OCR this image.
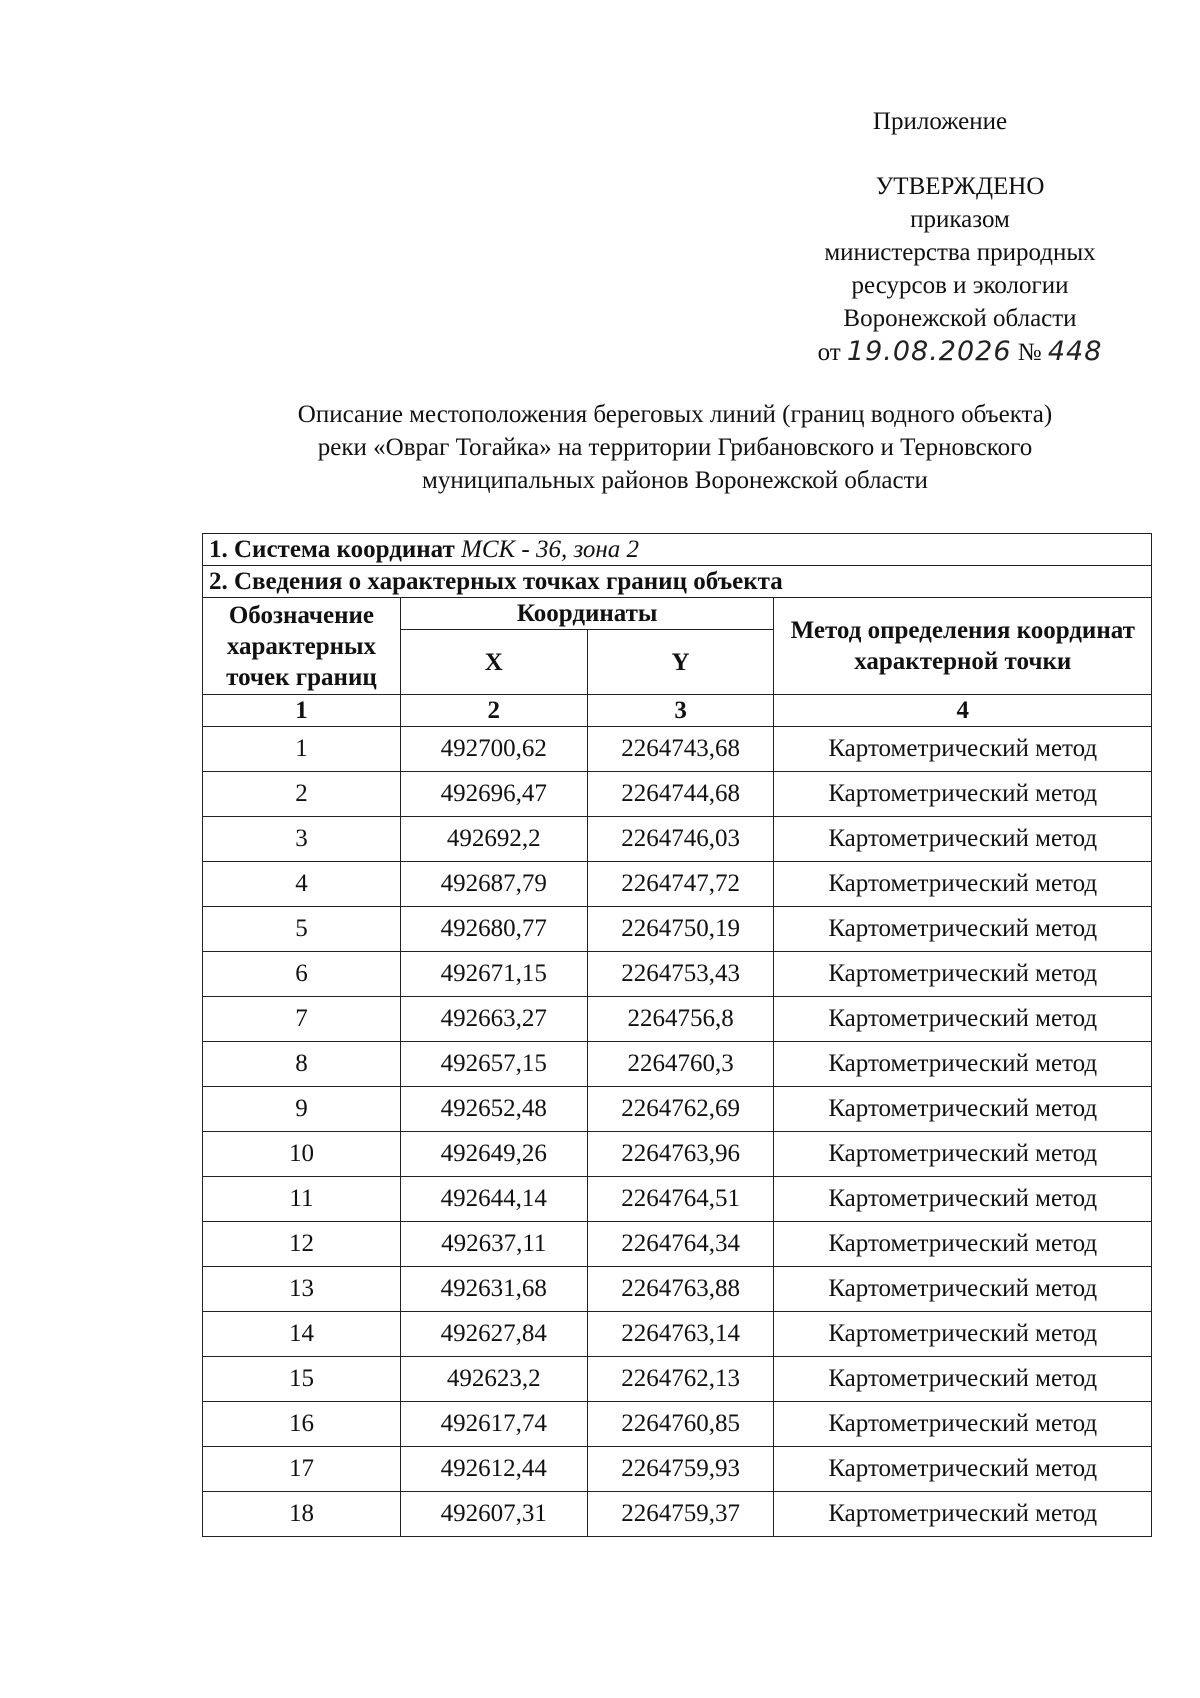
Приложение
УТВЕРЖДЕНО
приказом
министерства природных
ресурсов и экологии
Воронежской области
от 19.08.2026 № 448
Описание местоположения береговых линий (границ водного объекта)
реки «Овраг Тогайка» на территории Грибановского и Терновского
муниципальных районов Воронежской области
1. Система координат МСК - 36, зона 2			
2. Сведения о характерных точках границ объекта			
Обозначение характерных точек границ	Координаты		Метод определения координат характерной точки
	X	Y	
1	2	3	4
1	492700,62	2264743,68	Картометрический метод
2	492696,47	2264744,68	Картометрический метод
3	492692,2	2264746,03	Картометрический метод
4	492687,79	2264747,72	Картометрический метод
5	492680,77	2264750,19	Картометрический метод
6	492671,15	2264753,43	Картометрический метод
7	492663,27	2264756,8	Картометрический метод
8	492657,15	2264760,3	Картометрический метод
9	492652,48	2264762,69	Картометрический метод
10	492649,26	2264763,96	Картометрический метод
11	492644,14	2264764,51	Картометрический метод
12	492637,11	2264764,34	Картометрический метод
13	492631,68	2264763,88	Картометрический метод
14	492627,84	2264763,14	Картометрический метод
15	492623,2	2264762,13	Картометрический метод
16	492617,74	2264760,85	Картометрический метод
17	492612,44	2264759,93	Картометрический метод
18	492607,31	2264759,37	Картометрический метод
